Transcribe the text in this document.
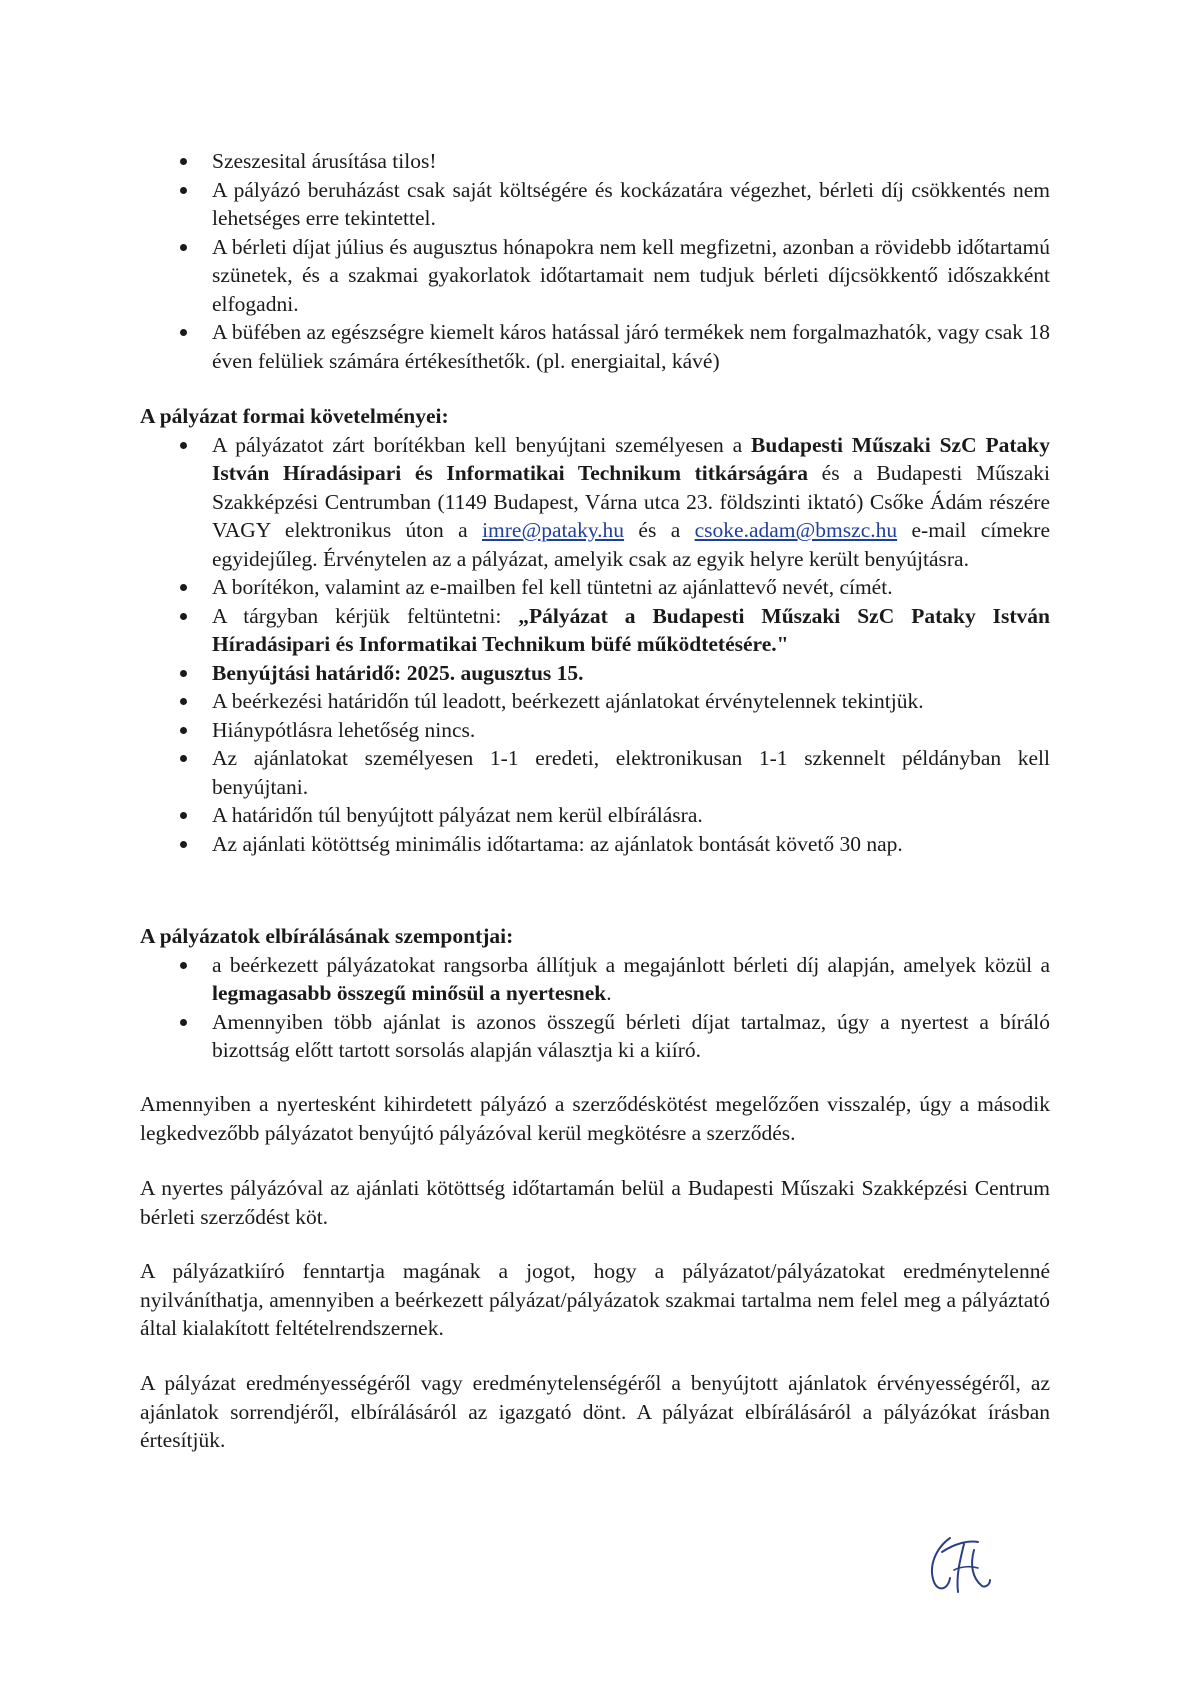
Szeszesital árusítása tilos!
A pályázó beruházást csak saját költségére és kockázatára végezhet, bérleti díj csökkentés nem lehetséges erre tekintettel.
A bérleti díjat július és augusztus hónapokra nem kell megfizetni, azonban a rövidebb időtartamú szünetek, és a szakmai gyakorlatok időtartamait nem tudjuk bérleti díjcsökkentő időszakként elfogadni.
A büfében az egészségre kiemelt káros hatással járó termékek nem forgalmazhatók, vagy csak 18 éven felüliek számára értékesíthetők. (pl. energiaital, kávé)

A pályázat formai követelményei:

A pályázatot zárt borítékban kell benyújtani személyesen a Budapesti Műszaki SzC Pataky István Híradásipari és Informatikai Technikum titkárságára és a Budapesti Műszaki Szakképzési Centrumban (1149 Budapest, Várna utca 23. földszinti iktató) Csőke Ádám részére VAGY elektronikus úton a imre@pataky.hu és a csoke.adam@bmszc.hu e-mail címekre egyidejűleg. Érvénytelen az a pályázat, amelyik csak az egyik helyre került benyújtásra.
A borítékon, valamint az e-mailben fel kell tüntetni az ajánlattevő nevét, címét.
A tárgyban kérjük feltüntetni: „Pályázat a Budapesti Műszaki SzC Pataky István Híradásipari és Informatikai Technikum büfé működtetésére."
Benyújtási határidő: 2025. augusztus 15.
A beérkezési határidőn túl leadott, beérkezett ajánlatokat érvénytelennek tekintjük.
Hiánypótlásra lehetőség nincs.
Az ajánlatokat személyesen 1-1 eredeti, elektronikusan 1-1 szkennelt példányban kell benyújtani.
A határidőn túl benyújtott pályázat nem kerül elbírálásra.
Az ajánlati kötöttség minimális időtartama: az ajánlatok bontását követő 30 nap.

A pályázatok elbírálásának szempontjai:

a beérkezett pályázatokat rangsorba állítjuk a megajánlott bérleti díj alapján, amelyek közül a legmagasabb összegű minősül a nyertesnek.
Amennyiben több ajánlat is azonos összegű bérleti díjat tartalmaz, úgy a nyertest a bíráló bizottság előtt tartott sorsolás alapján választja ki a kiíró.

Amennyiben a nyertesként kihirdetett pályázó a szerződéskötést megelőzően visszalép, úgy a második legkedvezőbb pályázatot benyújtó pályázóval kerül megkötésre a szerződés.

A nyertes pályázóval az ajánlati kötöttség időtartamán belül a Budapesti Műszaki Szakképzési Centrum bérleti szerződést köt.

A pályázatkiíró fenntartja magának a jogot, hogy a pályázatot/pályázatokat eredménytelenné nyilváníthatja, amennyiben a beérkezett pályázat/pályázatok szakmai tartalma nem felel meg a pályáztató által kialakított feltételrendszernek.

A pályázat eredményességéről vagy eredménytelenségéről a benyújtott ajánlatok érvényességéről, az ajánlatok sorrendjéről, elbírálásáról az igazgató dönt. A pályázat elbírálásáról a pályázókat írásban értesítjük.
